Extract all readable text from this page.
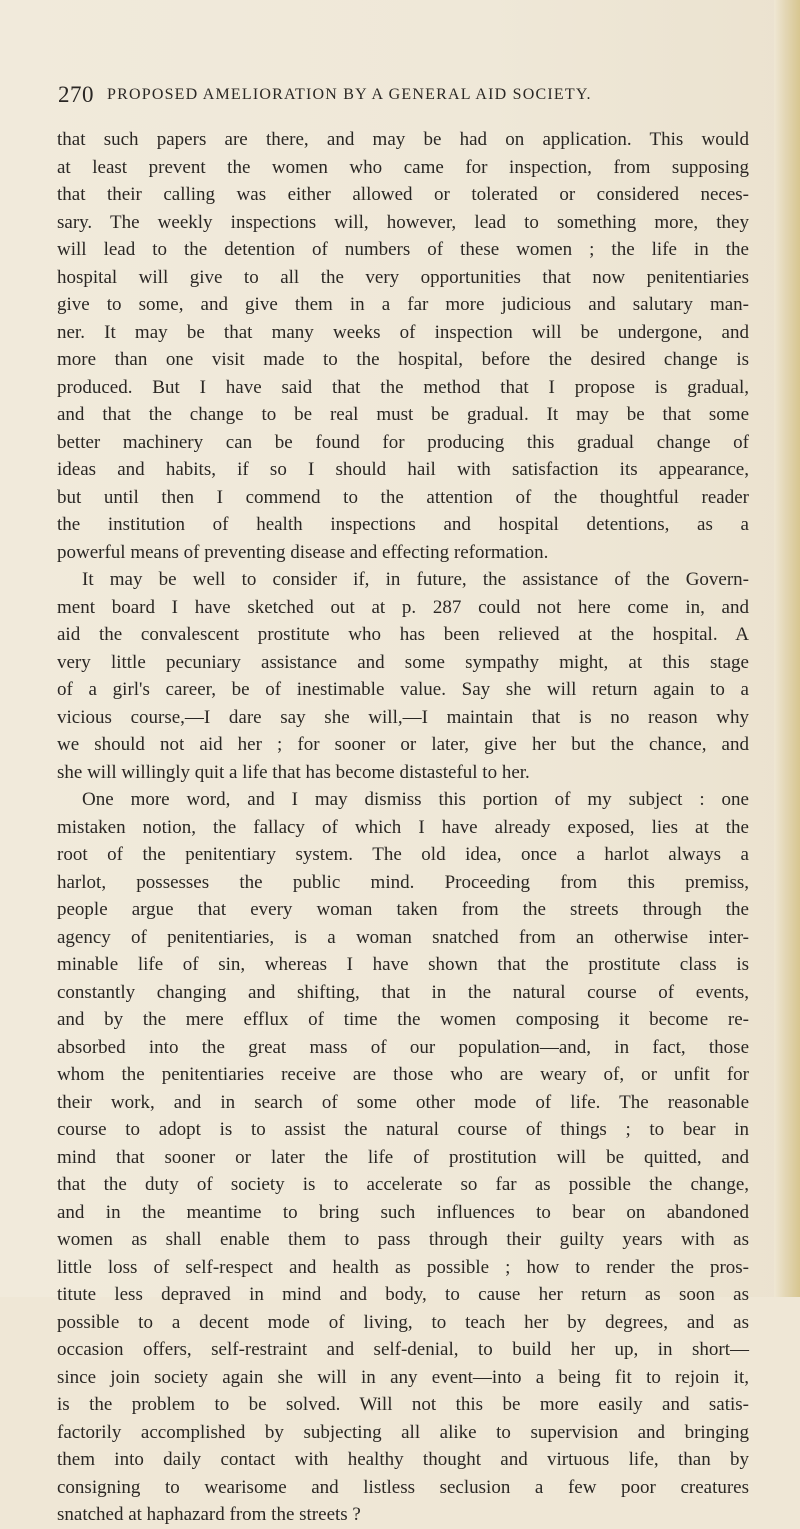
270 PROPOSED AMELIORATION BY A GENERAL AID SOCIETY.
that such papers are there, and may be had on application. This would
at least prevent the women who came for inspection, from supposing
that their calling was either allowed or tolerated or considered neces-
sary. The weekly inspections will, however, lead to something more, they
will lead to the detention of numbers of these women ; the life in the
hospital will give to all the very opportunities that now penitentiaries
give to some, and give them in a far more judicious and salutary man-
ner. It may be that many weeks of inspection will be undergone, and
more than one visit made to the hospital, before the desired change is
produced. But I have said that the method that I propose is gradual,
and that the change to be real must be gradual. It may be that some
better machinery can be found for producing this gradual change of
ideas and habits, if so I should hail with satisfaction its appearance,
but until then I commend to the attention of the thoughtful reader
the institution of health inspections and hospital detentions, as a
powerful means of preventing disease and effecting reformation.
It may be well to consider if, in future, the assistance of the Govern-
ment board I have sketched out at p. 287 could not here come in, and
aid the convalescent prostitute who has been relieved at the hospital. A
very little pecuniary assistance and some sympathy might, at this stage
of a girl's career, be of inestimable value. Say she will return again to a
vicious course,—I dare say she will,—I maintain that is no reason why
we should not aid her ; for sooner or later, give her but the chance, and
she will willingly quit a life that has become distasteful to her.
One more word, and I may dismiss this portion of my subject : one
mistaken notion, the fallacy of which I have already exposed, lies at the
root of the penitentiary system. The old idea, once a harlot always a
harlot, possesses the public mind. Proceeding from this premiss,
people argue that every woman taken from the streets through the
agency of penitentiaries, is a woman snatched from an otherwise inter-
minable life of sin, whereas I have shown that the prostitute class is
constantly changing and shifting, that in the natural course of events,
and by the mere efflux of time the women composing it become re-
absorbed into the great mass of our population—and, in fact, those
whom the penitentiaries receive are those who are weary of, or unfit for
their work, and in search of some other mode of life. The reasonable
course to adopt is to assist the natural course of things ; to bear in
mind that sooner or later the life of prostitution will be quitted, and
that the duty of society is to accelerate so far as possible the change,
and in the meantime to bring such influences to bear on abandoned
women as shall enable them to pass through their guilty years with as
little loss of self-respect and health as possible ; how to render the pros-
titute less depraved in mind and body, to cause her return as soon as
possible to a decent mode of living, to teach her by degrees, and as
occasion offers, self-restraint and self-denial, to build her up, in short—
since join society again she will in any event—into a being fit to rejoin it,
is the problem to be solved. Will not this be more easily and satis-
factorily accomplished by subjecting all alike to supervision and bringing
them into daily contact with healthy thought and virtuous life, than by
consigning to wearisome and listless seclusion a few poor creatures
snatched at haphazard from the streets ?
